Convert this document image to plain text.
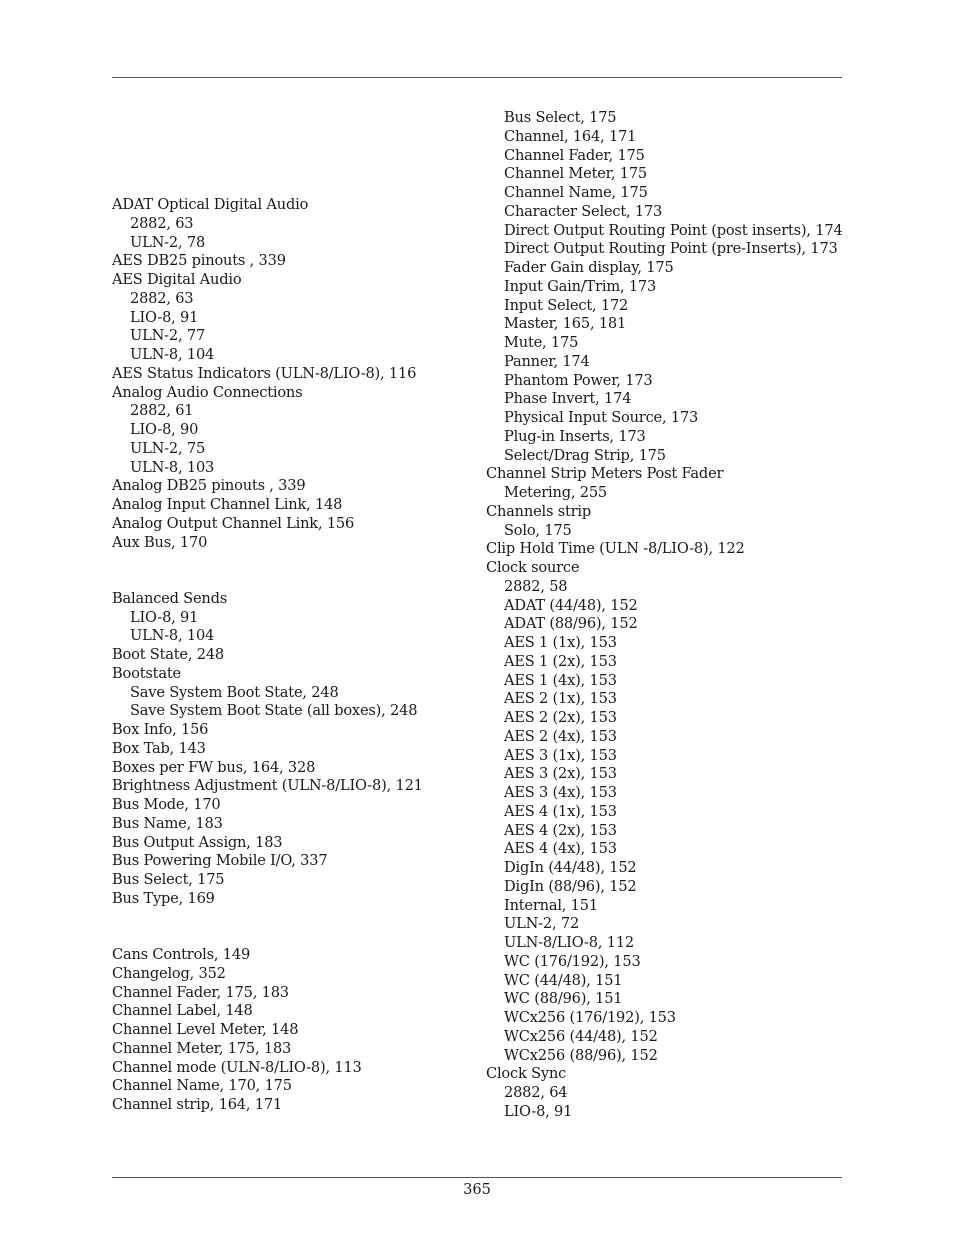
ADAT Optical Digital Audio
2882, 63
ULN-2, 78
AES DB25 pinouts , 339
AES Digital Audio
2882, 63
LIO-8, 91
ULN-2, 77
ULN-8, 104
AES Status Indicators (ULN-8/LIO-8), 116
Analog Audio Connections
2882, 61
LIO-8, 90
ULN-2, 75
ULN-8, 103
Analog DB25 pinouts , 339
Analog Input Channel Link, 148
Analog Output Channel Link, 156
Aux Bus, 170
Balanced Sends
LIO-8, 91
ULN-8, 104
Boot State, 248
Bootstate
Save System Boot State, 248
Save System Boot State (all boxes), 248
Box Info, 156
Box Tab, 143
Boxes per FW bus, 164, 328
Brightness Adjustment (ULN-8/LIO-8), 121
Bus Mode, 170
Bus Name, 183
Bus Output Assign, 183
Bus Powering Mobile I/O, 337
Bus Select, 175
Bus Type, 169
Cans Controls, 149
Changelog, 352
Channel Fader, 175, 183
Channel Label, 148
Channel Level Meter, 148
Channel Meter, 175, 183
Channel mode (ULN-8/LIO-8), 113
Channel Name, 170, 175
Channel strip, 164, 171
Bus Select, 175
Channel, 164, 171
Channel Fader, 175
Channel Meter, 175
Channel Name, 175
Character Select, 173
Direct Output Routing Point (post inserts), 174
Direct Output Routing Point (pre-Inserts), 173
Fader Gain display, 175
Input Gain/Trim, 173
Input Select, 172
Master, 165, 181
Mute, 175
Panner, 174
Phantom Power, 173
Phase Invert, 174
Physical Input Source, 173
Plug-in Inserts, 173
Select/Drag Strip, 175
Channel Strip Meters Post Fader
Metering, 255
Channels strip
Solo, 175
Clip Hold Time (ULN -8/LIO-8), 122
Clock source
2882, 58
ADAT (44/48), 152
ADAT (88/96), 152
AES 1 (1x), 153
AES 1 (2x), 153
AES 1 (4x), 153
AES 2 (1x), 153
AES 2 (2x), 153
AES 2 (4x), 153
AES 3 (1x), 153
AES 3 (2x), 153
AES 3 (4x), 153
AES 4 (1x), 153
AES 4 (2x), 153
AES 4 (4x), 153
DigIn (44/48), 152
DigIn (88/96), 152
Internal, 151
ULN-2, 72
ULN-8/LIO-8, 112
WC (176/192), 153
WC (44/48), 151
WC (88/96), 151
WCx256 (176/192), 153
WCx256 (44/48), 152
WCx256 (88/96), 152
Clock Sync
2882, 64
LIO-8, 91
365
